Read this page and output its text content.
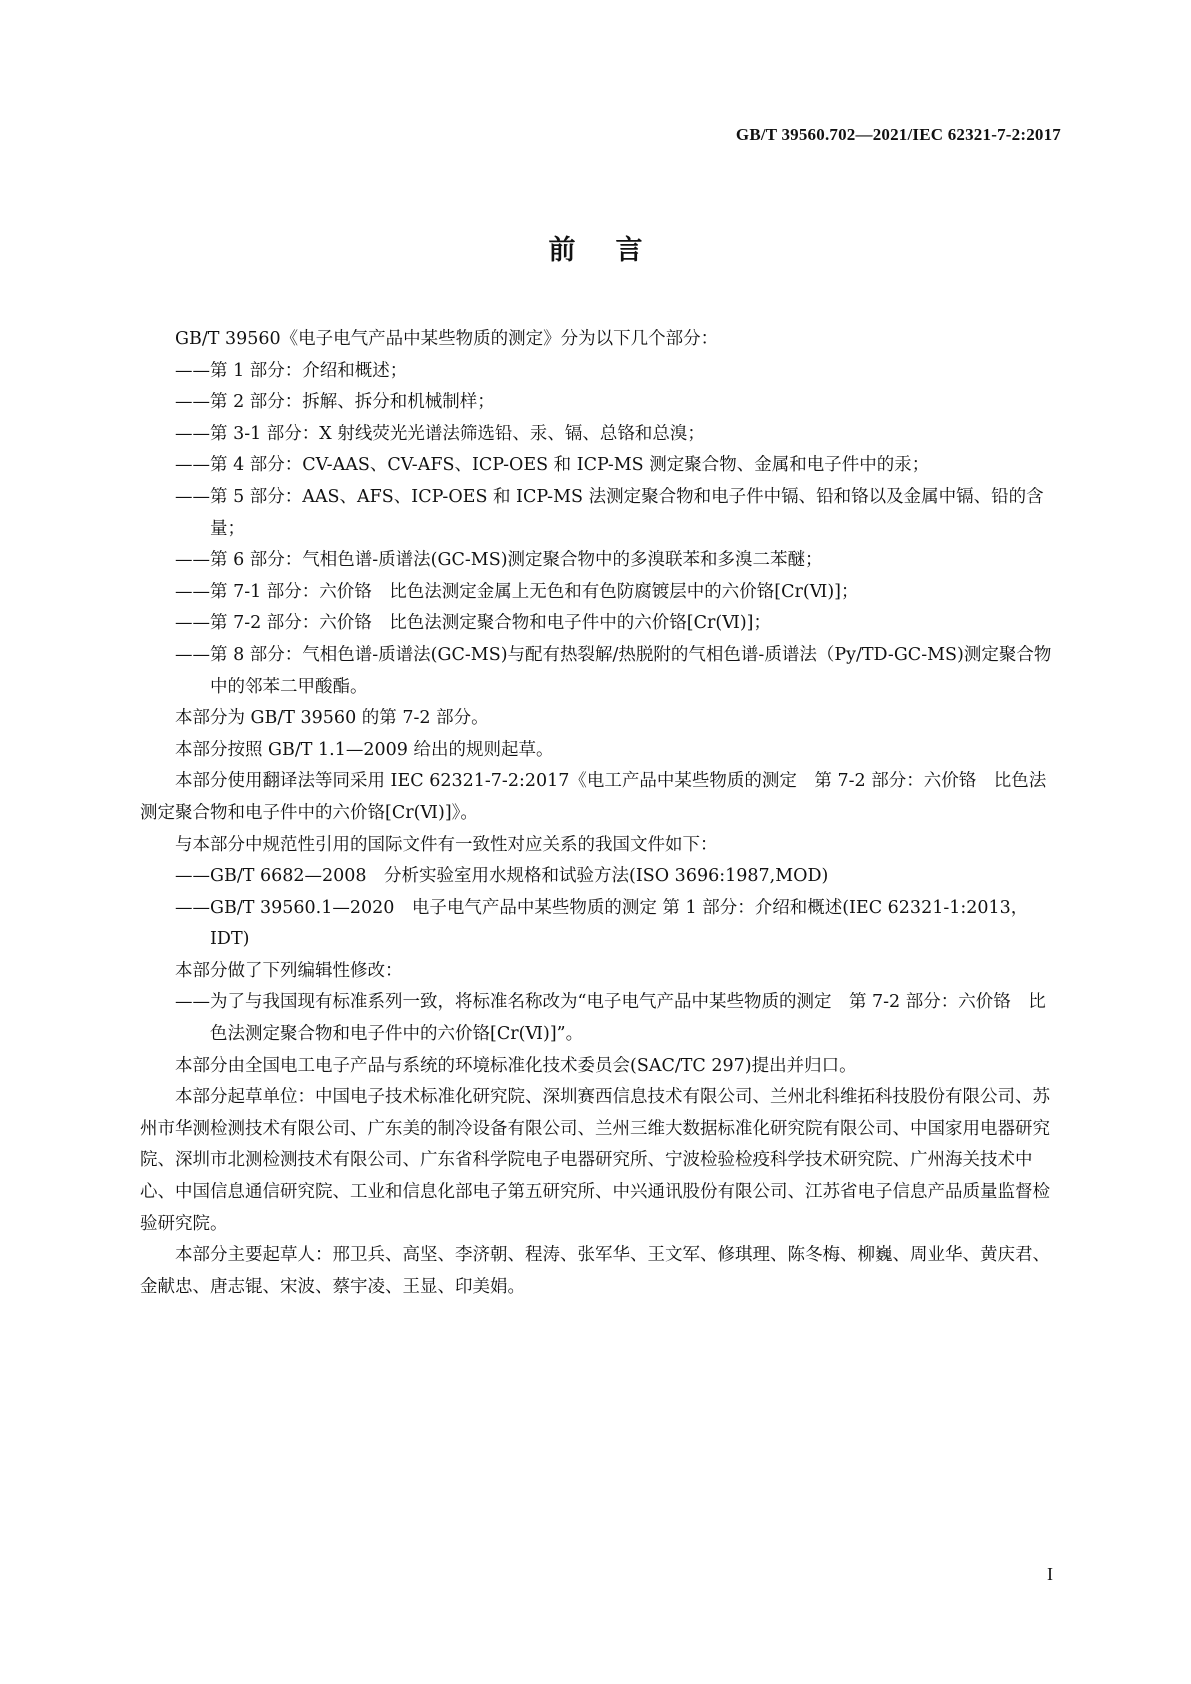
GB/T 39560.702—2021/IEC 62321-7-2:2017
前言

GB/T 39560《电子电气产品中某些物质的测定》分为以下几个部分：

——第 1 部分：介绍和概述；

——第 2 部分：拆解、拆分和机械制样；

——第 3-1 部分：X 射线荧光光谱法筛选铅、汞、镉、总铬和总溴；

——第 4 部分：CV-AAS、CV-AFS、ICP-OES 和 ICP-MS 测定聚合物、金属和电子件中的汞；

——第 5 部分：AAS、AFS、ICP-OES 和 ICP-MS 法测定聚合物和电子件中镉、铅和铬以及金属中镉、铅的含量；

——第 6 部分：气相色谱-质谱法(GC-MS)测定聚合物中的多溴联苯和多溴二苯醚；

——第 7-1 部分：六价铬　比色法测定金属上无色和有色防腐镀层中的六价铬[Cr(Ⅵ)]；

——第 7-2 部分：六价铬　比色法测定聚合物和电子件中的六价铬[Cr(Ⅵ)]；

——第 8 部分：气相色谱-质谱法(GC-MS)与配有热裂解/热脱附的气相色谱-质谱法（Py/TD-GC-MS)测定聚合物中的邻苯二甲酸酯。

本部分为 GB/T 39560 的第 7-2 部分。

本部分按照 GB/T 1.1—2009 给出的规则起草。

本部分使用翻译法等同采用 IEC 62321-7-2:2017《电工产品中某些物质的测定　第 7-2 部分：六价铬　比色法测定聚合物和电子件中的六价铬[Cr(Ⅵ)]》。

与本部分中规范性引用的国际文件有一致性对应关系的我国文件如下：

——GB/T 6682—2008　分析实验室用水规格和试验方法(ISO 3696:1987,MOD)

——GB/T 39560.1—2020　电子电气产品中某些物质的测定 第 1 部分：介绍和概述(IEC 62321-1:2013，IDT)

本部分做了下列编辑性修改：

——为了与我国现有标准系列一致，将标准名称改为“电子电气产品中某些物质的测定　第 7-2 部分：六价铬　比色法测定聚合物和电子件中的六价铬[Cr(Ⅵ)]”。

本部分由全国电工电子产品与系统的环境标准化技术委员会(SAC/TC 297)提出并归口。

本部分起草单位：中国电子技术标准化研究院、深圳赛西信息技术有限公司、兰州北科维拓科技股份有限公司、苏州市华测检测技术有限公司、广东美的制冷设备有限公司、兰州三维大数据标准化研究院有限公司、中国家用电器研究院、深圳市北测检测技术有限公司、广东省科学院电子电器研究所、宁波检验检疫科学技术研究院、广州海关技术中心、中国信息通信研究院、工业和信息化部电子第五研究所、中兴通讯股份有限公司、江苏省电子信息产品质量监督检验研究院。

本部分主要起草人：邢卫兵、高坚、李济朝、程涛、张军华、王文军、修琪理、陈冬梅、柳巍、周业华、黄庆君、金献忠、唐志锟、宋波、蔡宇凌、王显、印美娟。

I
